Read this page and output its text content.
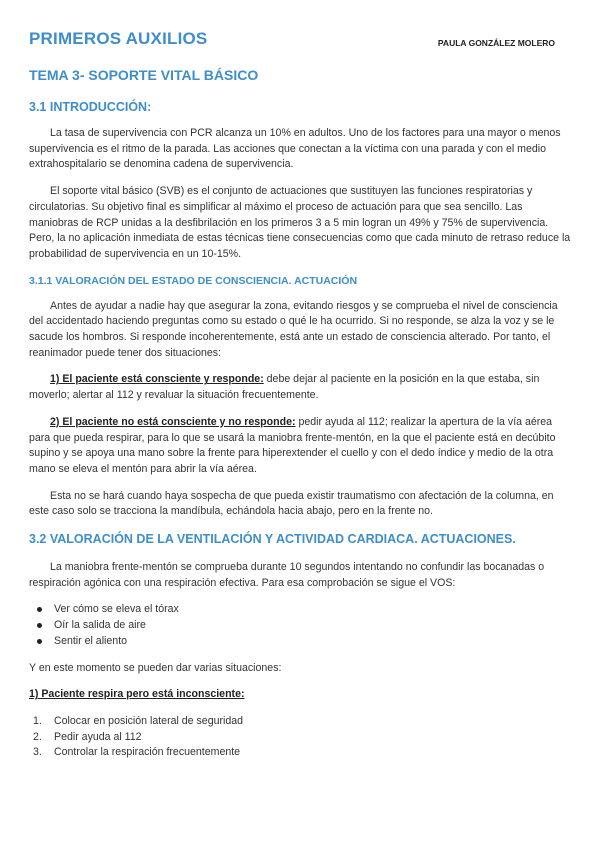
PRIMEROS AUXILIOS	PAULA GONZÁLEZ MOLERO
TEMA 3- SOPORTE VITAL BÁSICO
3.1 INTRODUCCIÓN:

La tasa de supervivencia con PCR alcanza un 10% en adultos. Uno de los factores para una mayor o menos supervivencia es el ritmo de la parada. Las acciones que conectan a la víctima con una parada y con el medio extrahospitalario se denomina cadena de supervivencia.

El soporte vital básico (SVB) es el conjunto de actuaciones que sustituyen las funciones respiratorias y circulatorias. Su objetivo final es simplificar al máximo el proceso de actuación para que sea sencillo. Las maniobras de RCP unidas a la desfibrilación en los primeros 3 a 5 min logran un 49% y 75% de supervivencia. Pero, la no aplicación inmediata de estas técnicas tiene consecuencias como que cada minuto de retraso reduce la probabilidad de supervivencia en un 10-15%.

3.1.1 VALORACIÓN DEL ESTADO DE CONSCIENCIA. ACTUACIÓN

Antes de ayudar a nadie hay que asegurar la zona, evitando riesgos y se comprueba el nivel de consciencia del accidentado haciendo preguntas como su estado o qué le ha ocurrido. Si no responde, se alza la voz y se le sacude los hombros. Si responde incoherentemente, está ante un estado de consciencia alterado. Por tanto, el reanimador puede tener dos situaciones:

1) El paciente está consciente y responde: debe dejar al paciente en la posición en la que estaba, sin moverlo; alertar al 112 y revaluar la situación frecuentemente.

2) El paciente no está consciente y no responde: pedir ayuda al 112; realizar la apertura de la vía aérea para que pueda respirar, para lo que se usará la maniobra frente-mentón, en la que el paciente está en decúbito supino y se apoya una mano sobre la frente para hiperextender el cuello y con el dedo índice y medio de la otra mano se eleva el mentón para abrir la vía aérea.

Esta no se hará cuando haya sospecha de que pueda existir traumatismo con afectación de la columna, en este caso solo se tracciona la mandíbula, echándola hacia abajo, pero en la frente no.

3.2 VALORACIÓN DE LA VENTILACIÓN Y ACTIVIDAD CARDIACA. ACTUACIONES.

La maniobra frente-mentón se comprueba durante 10 segundos intentando no confundir las bocanadas o respiración agónica con una respiración efectiva. Para esa comprobación se sigue el VOS:

Ver cómo se eleva el tórax
Oír la salida de aire
Sentir el aliento

Y en este momento se pueden dar varias situaciones:

1) Paciente respira pero está inconsciente:
1. Colocar en posición lateral de seguridad
2. Pedir ayuda al 112
3. Controlar la respiración frecuentemente
